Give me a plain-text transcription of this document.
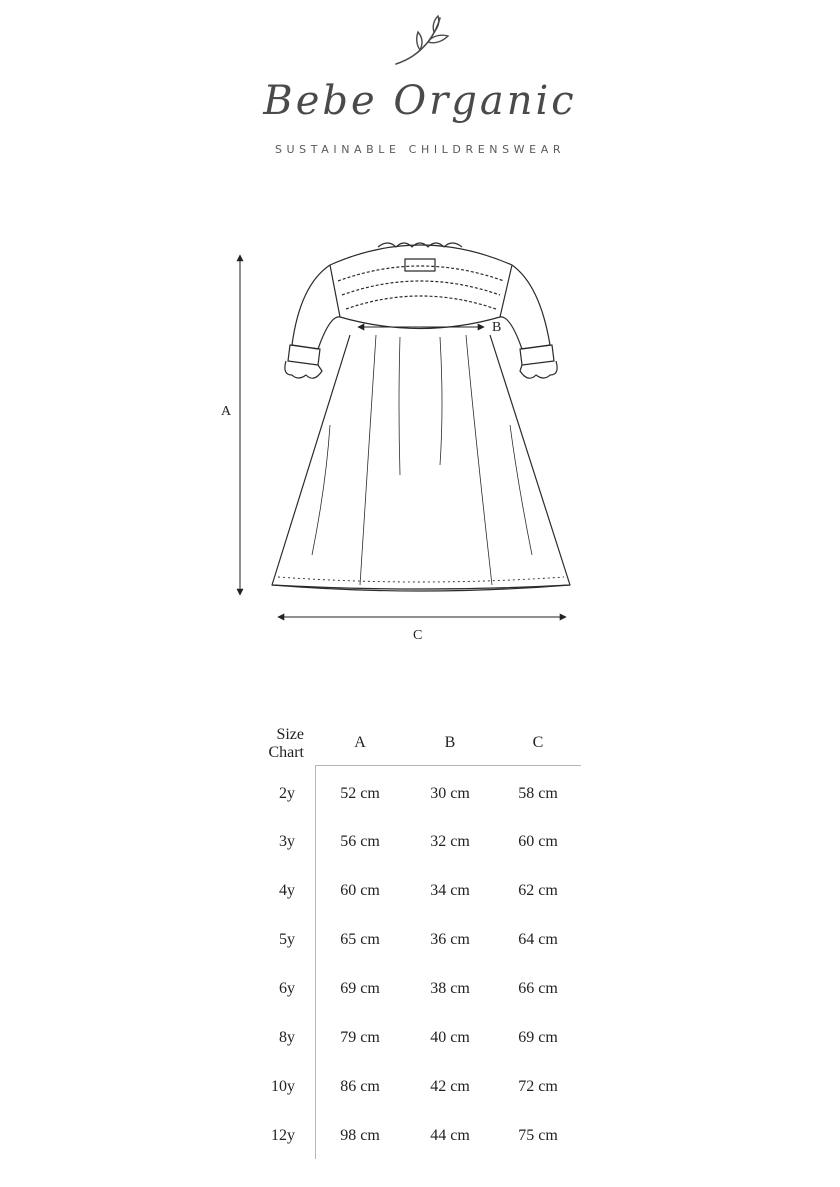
Bebe Organic
SUSTAINABLE CHILDRENSWEAR
A
B
C
Size
Chart
A	B	C
2y	52 cm	30 cm	58 cm
3y	56 cm	32 cm	60 cm
4y	60 cm	34 cm	62 cm
5y	65 cm	36 cm	64 cm
6y	69 cm	38 cm	66 cm
8y	79 cm	40 cm	69 cm
10y	86 cm	42 cm	72 cm
12y	98 cm	44 cm	75 cm
